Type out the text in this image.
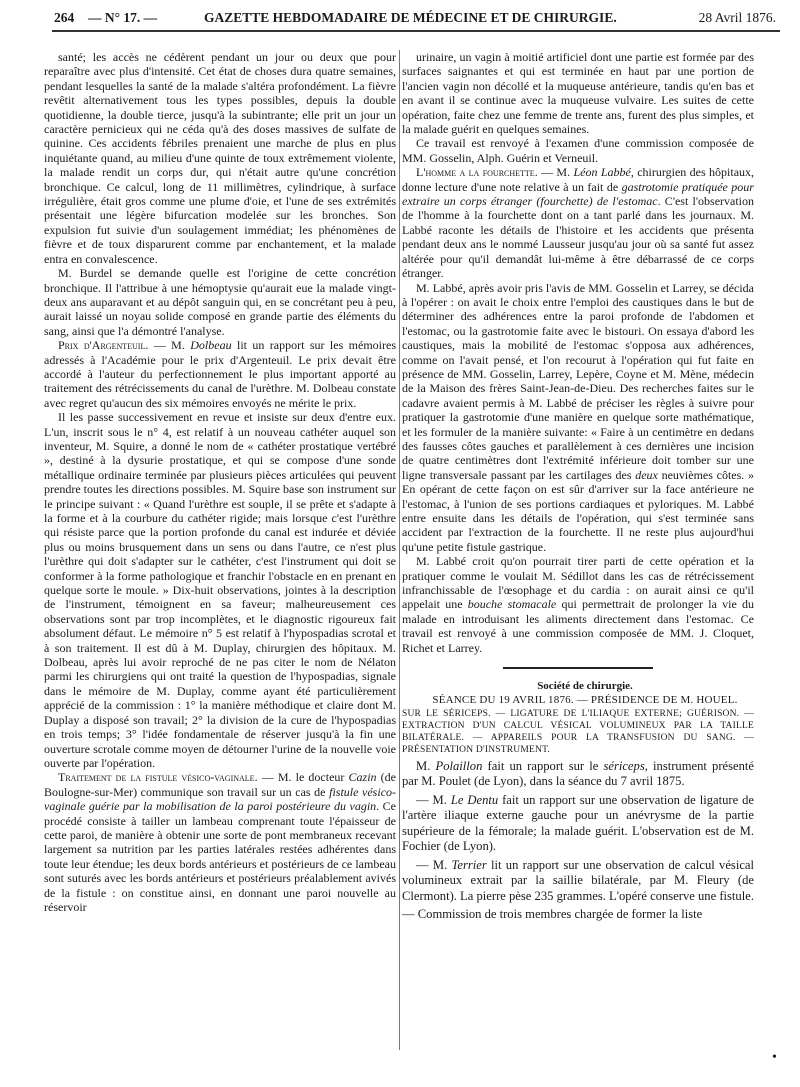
264 — N° 17. —	GAZETTE HEBDOMADAIRE DE MÉDECINE ET DE CHIRURGIE.	28 Avril 1876.

santé; les accès ne cédèrent pendant un jour ou deux que pour reparaître avec plus d'intensité. Cet état de choses dura quatre semaines, pendant lesquelles la santé de la malade s'altéra profondément. La fièvre revêtit alternativement tous les types possibles, depuis la double quotidienne, la double tierce, jusqu'à la subintrante; elle prit un jour un caractère pernicieux qui ne céda qu'à des doses massives de sulfate de quinine. Ces accidents fébriles prenaient une marche de plus en plus inquiétante quand, au milieu d'une quinte de toux extrêmement violente, la malade rendit un corps dur, qui n'était autre qu'une concrétion bronchique. Ce calcul, long de 11 millimètres, cylindrique, à surface irrégulière, était gros comme une plume d'oie, et l'une de ses extrémités présentait une légère bifurcation modelée sur les bronches. Son expulsion fut suivie d'un soulagement immédiat; les phénomènes de fièvre et de toux disparurent comme par enchantement, et la malade entra en convalescence.

M. Burdel se demande quelle est l'origine de cette concrétion bronchique. Il l'attribue à une hémoptysie qu'aurait eue la malade vingt-deux ans auparavant et au dépôt sanguin qui, en se concrétant peu à peu, aurait laissé un noyau solide composé en grande partie des éléments du sang, ainsi que l'a démontré l'analyse.

Prix d'Argenteuil. — M. Dolbeau lit un rapport sur les mémoires adressés à l'Académie pour le prix d'Argenteuil. Le prix devait être accordé à l'auteur du perfectionnement le plus important apporté au traitement des rétrécissements du canal de l'urèthre. M. Dolbeau constate avec regret qu'aucun des six mémoires envoyés ne mérite le prix.

Il les passe successivement en revue et insiste sur deux d'entre eux. L'un, inscrit sous le n° 4, est relatif à un nouveau cathéter auquel son inventeur, M. Squire, a donné le nom de « cathéter prostatique vertébré », destiné à la dysurie prostatique, et qui se compose d'une sonde métallique ordinaire terminée par plusieurs pièces articulées qui peuvent prendre toutes les directions possibles. M. Squire base son instrument sur le principe suivant : « Quand l'urèthre est souple, il se prête et s'adapte à la forme et à la courbure du cathéter rigide; mais lorsque c'est l'urèthre qui résiste parce que la portion profonde du canal est indurée et déviée plus ou moins brusquement dans un sens ou dans l'autre, ce n'est plus l'urèthre qui doit s'adapter sur le cathéter, c'est l'instrument qui doit se conformer à la forme pathologique et franchir l'obstacle en en prenant en quelque sorte le moule. » Dix-huit observations, jointes à la description de l'instrument, témoignent en sa faveur; malheureusement ces observations sont par trop incomplètes, et le diagnostic rigoureux fait absolument défaut. Le mémoire n° 5 est relatif à l'hypospadias scrotal et à son traitement. Il est dû à M. Duplay, chirurgien des hôpitaux. M. Dolbeau, après lui avoir reproché de ne pas citer le nom de Nélaton parmi les chirurgiens qui ont traité la question de l'hypospadias, signale dans le mémoire de M. Duplay, comme ayant été particulièrement apprécié de la commission : 1° la manière méthodique et claire dont M. Duplay a disposé son travail; 2° la division de la cure de l'hypospadias en trois temps; 3° l'idée fondamentale de réserver jusqu'à la fin une ouverture scrotale comme moyen de détourner l'urine de la nouvelle voie ouverte par l'opération.

Traitement de la fistule vésico-vaginale. — M. le docteur Cazin (de Boulogne-sur-Mer) communique son travail sur un cas de fistule vésico-vaginale guérie par la mobilisation de la paroi postérieure du vagin. Ce procédé consiste à tailler un lambeau comprenant toute l'épaisseur de cette paroi, de manière à obtenir une sorte de pont membraneux recevant largement sa nutrition par les parties latérales restées adhérentes dans toute leur étendue; les deux bords antérieurs et postérieurs de ce lambeau sont suturés avec les bords antérieurs et postérieurs préalablement avivés de la fistule : on constitue ainsi, en donnant une paroi nouvelle au réservoir

urinaire, un vagin à moitié artificiel dont une partie est formée par des surfaces saignantes et qui est terminée en haut par une portion de l'ancien vagin non décollé et la muqueuse antérieure, tandis qu'en bas et en avant il se continue avec la muqueuse vulvaire. Les suites de cette opération, faite chez une femme de trente ans, furent des plus simples, et la malade guérit en quelques semaines.

Ce travail est renvoyé à l'examen d'une commission composée de MM. Gosselin, Alph. Guérin et Verneuil.

L'homme a la fourchette. — M. Léon Labbé, chirurgien des hôpitaux, donne lecture d'une note relative à un fait de gastrotomie pratiquée pour extraire un corps étranger (fourchette) de l'estomac. C'est l'observation de l'homme à la fourchette dont on a tant parlé dans les journaux. M. Labbé raconte les détails de l'histoire et les accidents que présenta pendant deux ans le nommé Lausseur jusqu'au jour où sa santé fut assez altérée pour qu'il demandât lui-même à être débarrassé de ce corps étranger.

M. Labbé, après avoir pris l'avis de MM. Gosselin et Larrey, se décida à l'opérer : on avait le choix entre l'emploi des caustiques dans le but de déterminer des adhérences entre la paroi profonde de l'abdomen et l'estomac, ou la gastrotomie faite avec le bistouri. On essaya d'abord les caustiques, mais la mobilité de l'estomac s'opposa aux adhérences, comme on l'avait pensé, et l'on recourut à l'opération qui fut faite en présence de MM. Gosselin, Larrey, Lepère, Coyne et M. Mène, médecin de la Maison des frères Saint-Jean-de-Dieu. Des recherches faites sur le cadavre avaient permis à M. Labbé de préciser les règles à suivre pour pratiquer la gastrotomie d'une manière en quelque sorte mathématique, et les formuler de la manière suivante: « Faire à un centimètre en dedans des fausses côtes gauches et parallèlement à ces dernières une incision de quatre centimètres dont l'extrémité inférieure doit tomber sur une ligne transversale passant par les cartilages des deux neuvièmes côtes. » En opérant de cette façon on est sûr d'arriver sur la face antérieure ne l'estomac, à l'union de ses portions cardiaques et pyloriques. M. Labbé entre ensuite dans les détails de l'opération, qui s'est terminée sans accident par l'extraction de la fourchette. Il ne reste plus aujourd'hui qu'une petite fistule gastrique.

M. Labbé croit qu'on pourrait tirer parti de cette opération et la pratiquer comme le voulait M. Sédillot dans les cas de rétrécissement infranchissable de l'œsophage et du cardia : on aurait ainsi ce qu'il appelait une bouche stomacale qui permettrait de prolonger la vie du malade en introduisant les aliments directement dans l'estomac. Ce travail est renvoyé à une commission composée de MM. J. Cloquet, Richet et Larrey.

Société de chirurgie.

SÉANCE DU 19 AVRIL 1876. — PRÉSIDENCE DE M. HOUEL.

SUR LE SÉRICEPS. — LIGATURE DE L'ILIAQUE EXTERNE; GUÉRISON. — EXTRACTION D'UN CALCUL VÉSICAL VOLUMINEUX PAR LA TAILLE BILATÉRALE. — APPAREILS POUR LA TRANSFUSION DU SANG. — PRÉSENTATION D'INSTRUMENT.

M. Polaillon fait un rapport sur le sériceps, instrument présenté par M. Poulet (de Lyon), dans la séance du 7 avril 1875.

— M. Le Dentu fait un rapport sur une observation de ligature de l'artère iliaque externe gauche pour un anévrysme de la partie supérieure de la fémorale; la malade guérit. L'observation est de M. Fochier (de Lyon).

— M. Terrier lit un rapport sur une observation de calcul vésical volumineux extrait par la saillie bilatérale, par M. Fleury (de Clermont). La pierre pèse 235 grammes. L'opéré conserve une fistule.

— Commission de trois membres chargée de former la liste

•
